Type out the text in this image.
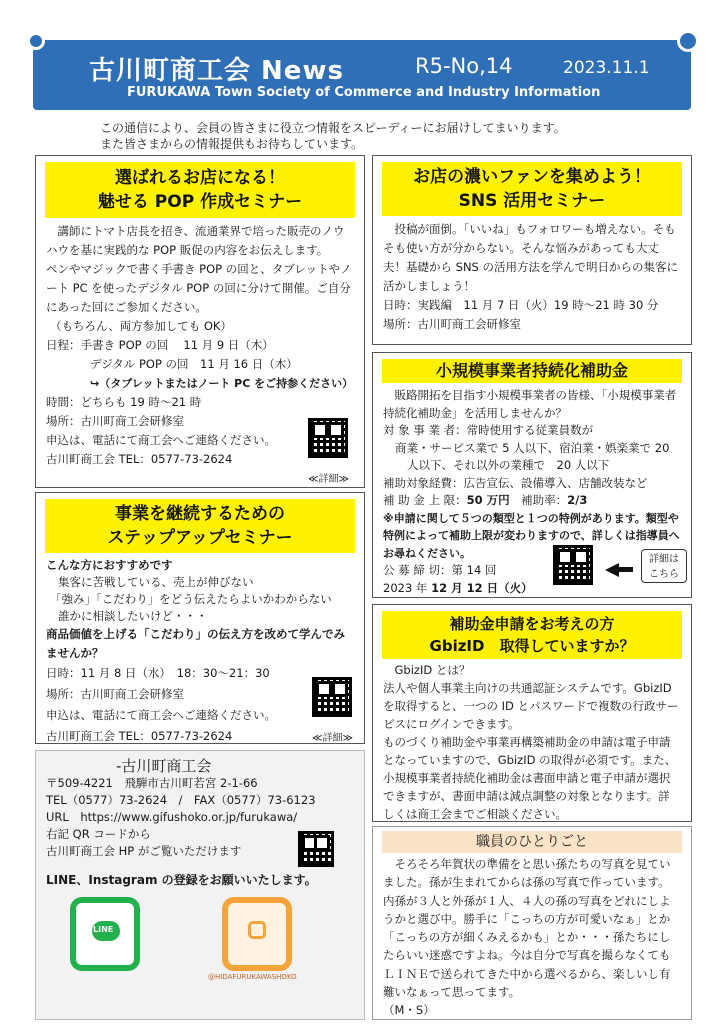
古川町商工会 News	R5-No,14	2023.11.1
FURUKAWA Town Society of Commerce and Industry Information
この通信により、会員の皆さまに役立つ情報をスピーディーにお届けしてまいります。
また皆さまからの情報提供もお待ちしています。
選ばれるお店になる！
魅せる POP 作成セミナー

講師にトマト店長を招き、流通業界で培った販売のノウハウを基に実践的な POP 販促の内容をお伝えします。

ペンやマジックで書く手書き POP の回と、タブレットやノート PC を使ったデジタル POP の回に分けて開催。ご自分にあった回にご参加ください。

（もちろん、両方参加しても OK）

日程：手書き POP の回　 11 月 9 日（木）

デジタル POP の回　11 月 16 日（木）

↪（タブレットまたはノート PC をご持参ください）

時間：どちらも 19 時～21 時

場所：古川町商工会研修室

申込は、電話にて商工会へご連絡ください。

古川町商工会 TEL：0577-73-2624

≪詳細≫
お店の濃いファンを集めよう！
SNS 活用セミナー

投稿が面倒。「いいね」もフォロワーも増えない。そもそも使い方が分からない。そんな悩みがあっても大丈夫！基礎から SNS の活用方法を学んで明日からの集客に活かしましょう！

日時：実践編　11 月 7 日（火）19 時～21 時 30 分

場所：古川町商工会研修室

小規模事業者持続化補助金

販路開拓を目指す小規模事業者の皆様、「小規模事業者持続化補助金」を活用しませんか？

対 象 事 業 者：常時使用する従業員数が

商業・サービス業で 5 人以下、宿泊業・娯楽業で 20

人以下、それ以外の業種で　20 人以下

補助対象経費：広告宣伝、設備導入、店舗改装など

補 助 金 上 限：50 万円　補助率：2/3

※申請に関して５つの類型と１つの特例があります。類型や特例によって補助上限が変わりますので、詳しくは指導員へお尋ねください。

公 募 締 切：第 14 回

2023 年 12 月 12 日（火）

詳細は
こちら
事業を継続するための
ステップアップセミナー

こんな方におすすめです

集客に苦戦している、売上が伸びない

「強み」「こだわり」をどう伝えたらよいかわからない

誰かに相談したいけど・・・

商品価値を上げる「こだわり」の伝え方を改めて学んでみませんか？

日時：11 月 8 日（水）　18：30～21：30

場所：古川町商工会研修室

申込は、電話にて商工会へご連絡ください。

古川町商工会 TEL：0577-73-2624	≪詳細≫
補助金申請をお考えの方
GbizID　取得していますか？

GbizID とは？

法人や個人事業主向けの共通認証システムです。GbizID を取得すると、一つの ID とパスワードで複数の行政サービスにログインできます。

ものづくり補助金や事業再構築補助金の申請は電子申請となっていますので、GbizID の取得が必須です。また、小規模事業者持続化補助金は書面申請と電子申請が選択できますが、書面申請は減点調整の対象となります。詳しくは商工会までご相談ください。

-古川町商工会
〒509-4221　飛騨市古川町若宮 2-1-66
TEL（0577）73-2624　/　FAX（0577）73-6123
URL　https://www.gifushoko.or.jp/furukawa/
右記 QR コードから
古川町商工会 HP がご覧いただけます
LINE、Instagram の登録をお願いいたします。
LINE
@HIDAFURUKAWASHOKO
職員のひとりごと

そろそろ年賀状の準備をと思い孫たちの写真を見ていました。孫が生まれてからは孫の写真で作っています。内孫が３人と外孫が１人、４人の孫の写真をどれにしようかと選び中。勝手に「こっちの方が可愛いなぁ」とか「こっちの方が細くみえるかも」とか・・・孫たちにしたらいい迷惑ですよね。今は自分で写真を撮らなくてもＬＩＮＥで送られてきた中から選べるから、楽しいし有難いなぁって思ってます。

（M・S）
